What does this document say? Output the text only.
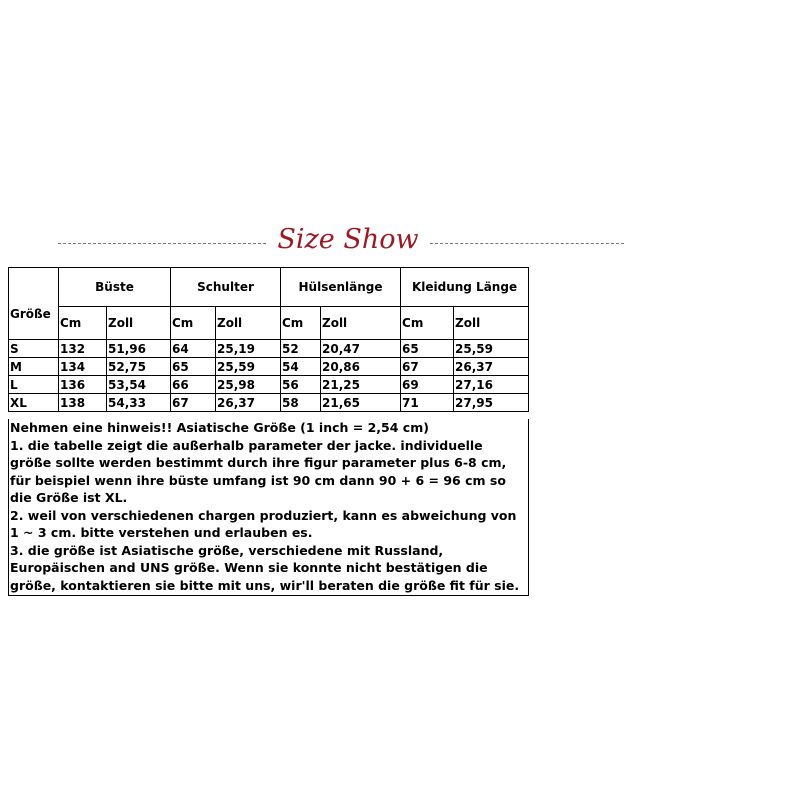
Size Show
Größe	Büste		Schulter		Hülsenlänge		Kleidung Länge	
	Cm	Zoll	Cm	Zoll	Cm	Zoll	Cm	Zoll
S	132	51,96	64	25,19	52	20,47	65	25,59
M	134	52,75	65	25,59	54	20,86	67	26,37
L	136	53,54	66	25,98	56	21,25	69	27,16
XL	138	54,33	67	26,37	58	21,65	71	27,95

Nehmen eine hinweis!! Asiatische Größe (1 inch = 2,54 cm)

1. die tabelle zeigt die außerhalb parameter der jacke. individuelle größe sollte werden bestimmt durch ihre figur parameter plus 6-8 cm, für beispiel wenn ihre büste umfang ist 90 cm dann 90 + 6 = 96 cm so die Größe ist XL.

2. weil von verschiedenen chargen produziert, kann es abweichung von 1 ~ 3 cm. bitte verstehen und erlauben es.

3. die größe ist Asiatische größe, verschiedene mit Russland, Europäischen and UNS größe. Wenn sie konnte nicht bestätigen die größe, kontaktieren sie bitte mit uns, wir'll beraten die größe fit für sie.
